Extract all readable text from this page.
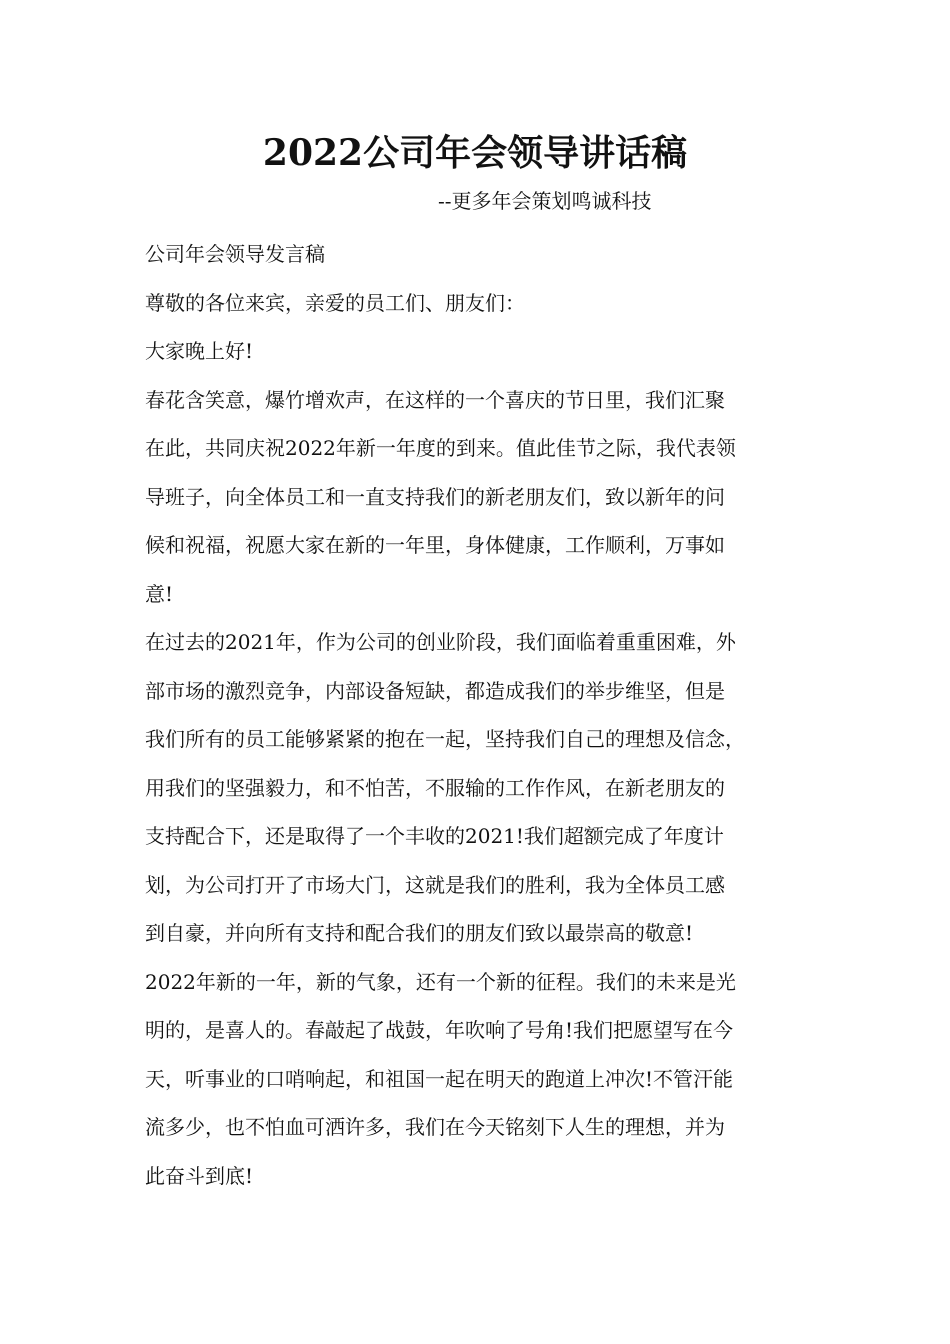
2022公司年会领导讲话稿
--更多年会策划鸣诚科技

公司年会领导发言稿

尊敬的各位来宾，亲爱的员工们、朋友们：

大家晚上好!

春花含笑意，爆竹增欢声，在这样的一个喜庆的节日里，我们汇聚

在此，共同庆祝2022年新一年度的到来。值此佳节之际，我代表领

导班子，向全体员工和一直支持我们的新老朋友们，致以新年的问

候和祝福，祝愿大家在新的一年里，身体健康，工作顺利，万事如

意!

在过去的2021年，作为公司的创业阶段，我们面临着重重困难，外

部市场的激烈竞争，内部设备短缺，都造成我们的举步维坚，但是

我们所有的员工能够紧紧的抱在一起，坚持我们自己的理想及信念，

用我们的坚强毅力，和不怕苦，不服输的工作作风，在新老朋友的

支持配合下，还是取得了一个丰收的2021!我们超额完成了年度计

划，为公司打开了市场大门，这就是我们的胜利，我为全体员工感

到自豪，并向所有支持和配合我们的朋友们致以最崇高的敬意!

2022年新的一年，新的气象，还有一个新的征程。我们的未来是光

明的，是喜人的。春敲起了战鼓，年吹响了号角!我们把愿望写在今

天，听事业的口哨响起，和祖国一起在明天的跑道上冲次!不管汗能

流多少，也不怕血可洒许多，我们在今天铭刻下人生的理想，并为

此奋斗到底!
